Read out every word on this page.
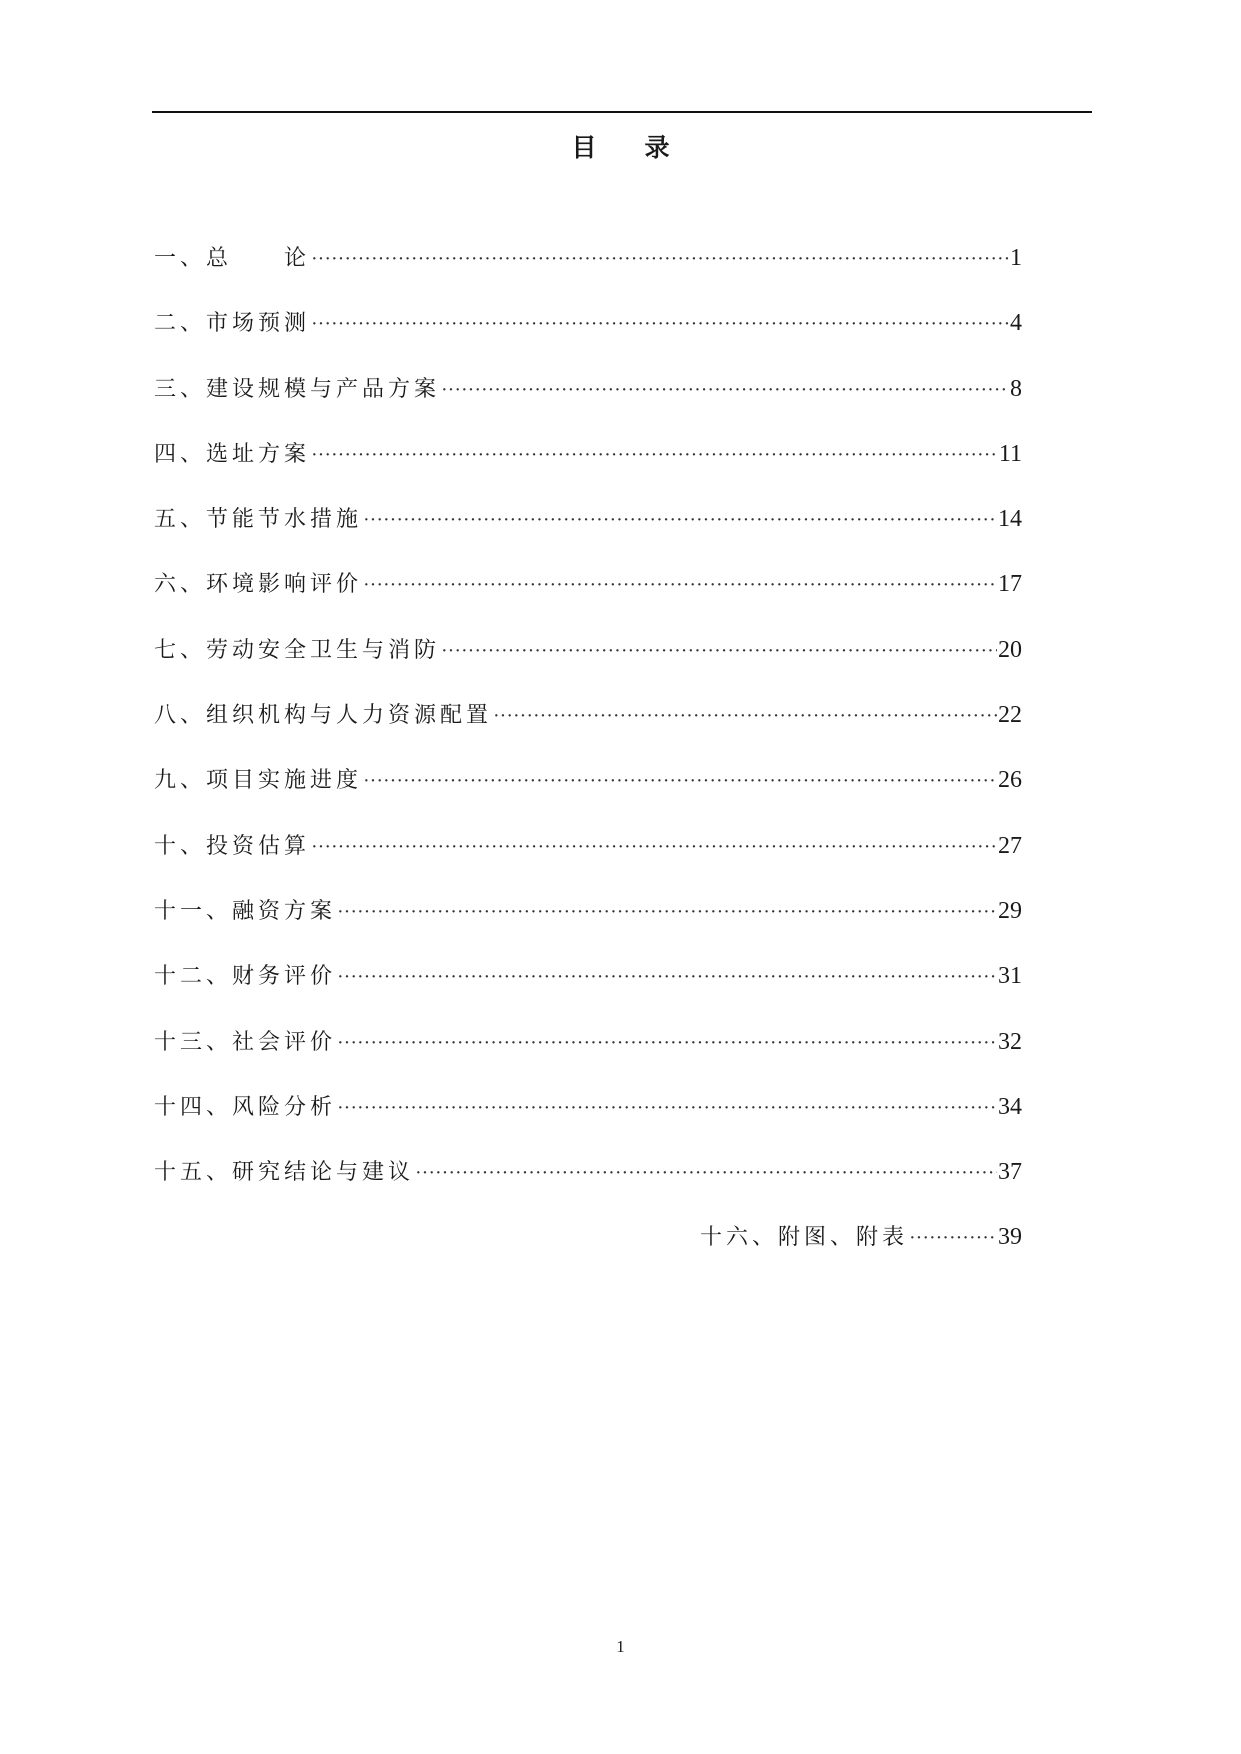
目录
一、总　　论 ·····	1
二、市场预测 ·····	4
三、建设规模与产品方案 ·····	8
四、选址方案 ·····	11
五、节能节水措施 ·····	14
六、环境影响评价 ·····	17
七、劳动安全卫生与消防 ·····	20
八、组织机构与人力资源配置 ·····	22
九、项目实施进度 ·····	26
十、投资估算 ·····	27
十一、融资方案 ·····	29
十二、财务评价 ·····	31
十三、社会评价 ·····	32
十四、风险分析 ·····	34
十五、研究结论与建议 ·····	37
十六、附图、附表 ·····	39
1
